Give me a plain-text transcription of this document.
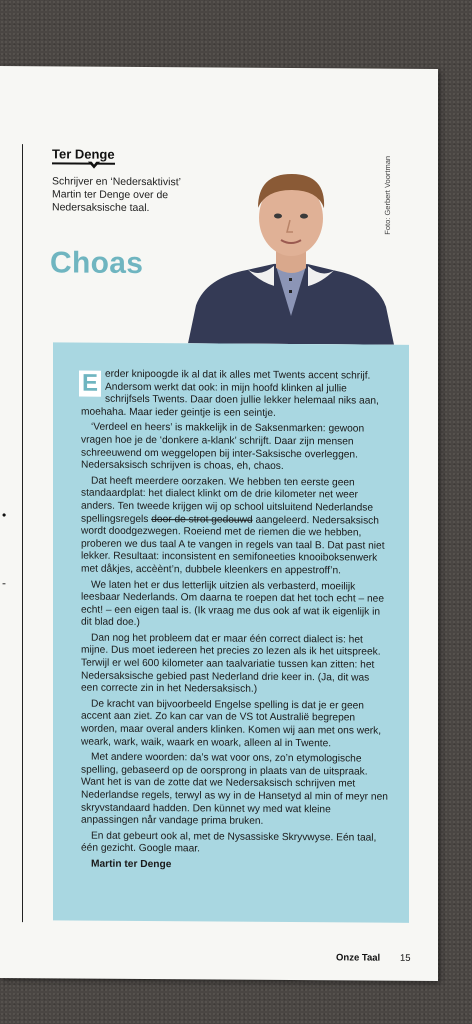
•
-
Ter Denge
Schrijver en ‘Nedersaktivist’ Martin ter Denge over de Nedersaksische taal.
Choas
Foto: Gerbert Voortman

E erder knipoogde ik al dat ik alles met Twents accent schrijf. Andersom werkt dat ook: in mijn hoofd klinken al jullie schrijfsels Twents. Daar doen jullie lekker helemaal niks aan, moehaha. Maar ieder geintje is een seintje.

‘Verdeel en heers’ is makkelijk in de Saksenmarken: gewoon vragen hoe je de ‘donkere a-klank’ schrijft. Daar zijn mensen schreeuwend om weggelopen bij inter-Saksische overleggen. Nedersaksisch schrijven is choas, eh, chaos.

Dat heeft meerdere oorzaken. We hebben ten eerste geen standaardplat: het dialect klinkt om de drie kilometer net weer anders. Ten tweede krijgen wij op school uitsluitend Nederlandse spellingsregels door de strot gedouwd aangeleerd. Nedersaksisch wordt doodgezwegen. Roeiend met de riemen die we hebben, proberen we dus taal A te vangen in regels van taal B. Dat past niet lekker. Resultaat: inconsistent en semifoneeties knooiboksenwerk met dåkjes, accèènt’n, dubbele kleenkers en appestroff’n.

We laten het er dus letterlijk uitzien als verbasterd, moeilijk leesbaar Nederlands. Om daarna te roepen dat het toch echt – nee echt! – een eigen taal is. (Ik vraag me dus ook af wat ik eigenlijk in dit blad doe.)

Dan nog het probleem dat er maar één correct dialect is: het mijne. Dus moet iedereen het precies zo lezen als ik het uitspreek. Terwijl er wel 600 kilometer aan taalvariatie tussen kan zitten: het Nedersaksische gebied past Nederland drie keer in. (Ja, dit was een correcte zin in het Nedersaksisch.)

De kracht van bijvoorbeeld Engelse spelling is dat je er geen accent aan ziet. Zo kan car van de VS tot Australië begrepen worden, maar overal anders klinken. Komen wij aan met ons werk, weark, wark, waik, waark en woark, alleen al in Twente.

Met andere woorden: da’s wat voor ons, zo’n etymologische spelling, gebaseerd op de oorsprong in plaats van de uitspraak. Want het is van de zotte dat we Nedersaksisch schrijven met Nederlandse regels, terwyl as wy in de Hansetyd al min of meyr nen skryvstandaard hadden. Den künnet wy med wat kleine anpassingen når vandage prima bruken.

En dat gebeurt ook al, met de Nysassiske Skryvwyse. Eén taal, één gezicht. Google maar.

Martin ter Denge

Onze Taal 15
